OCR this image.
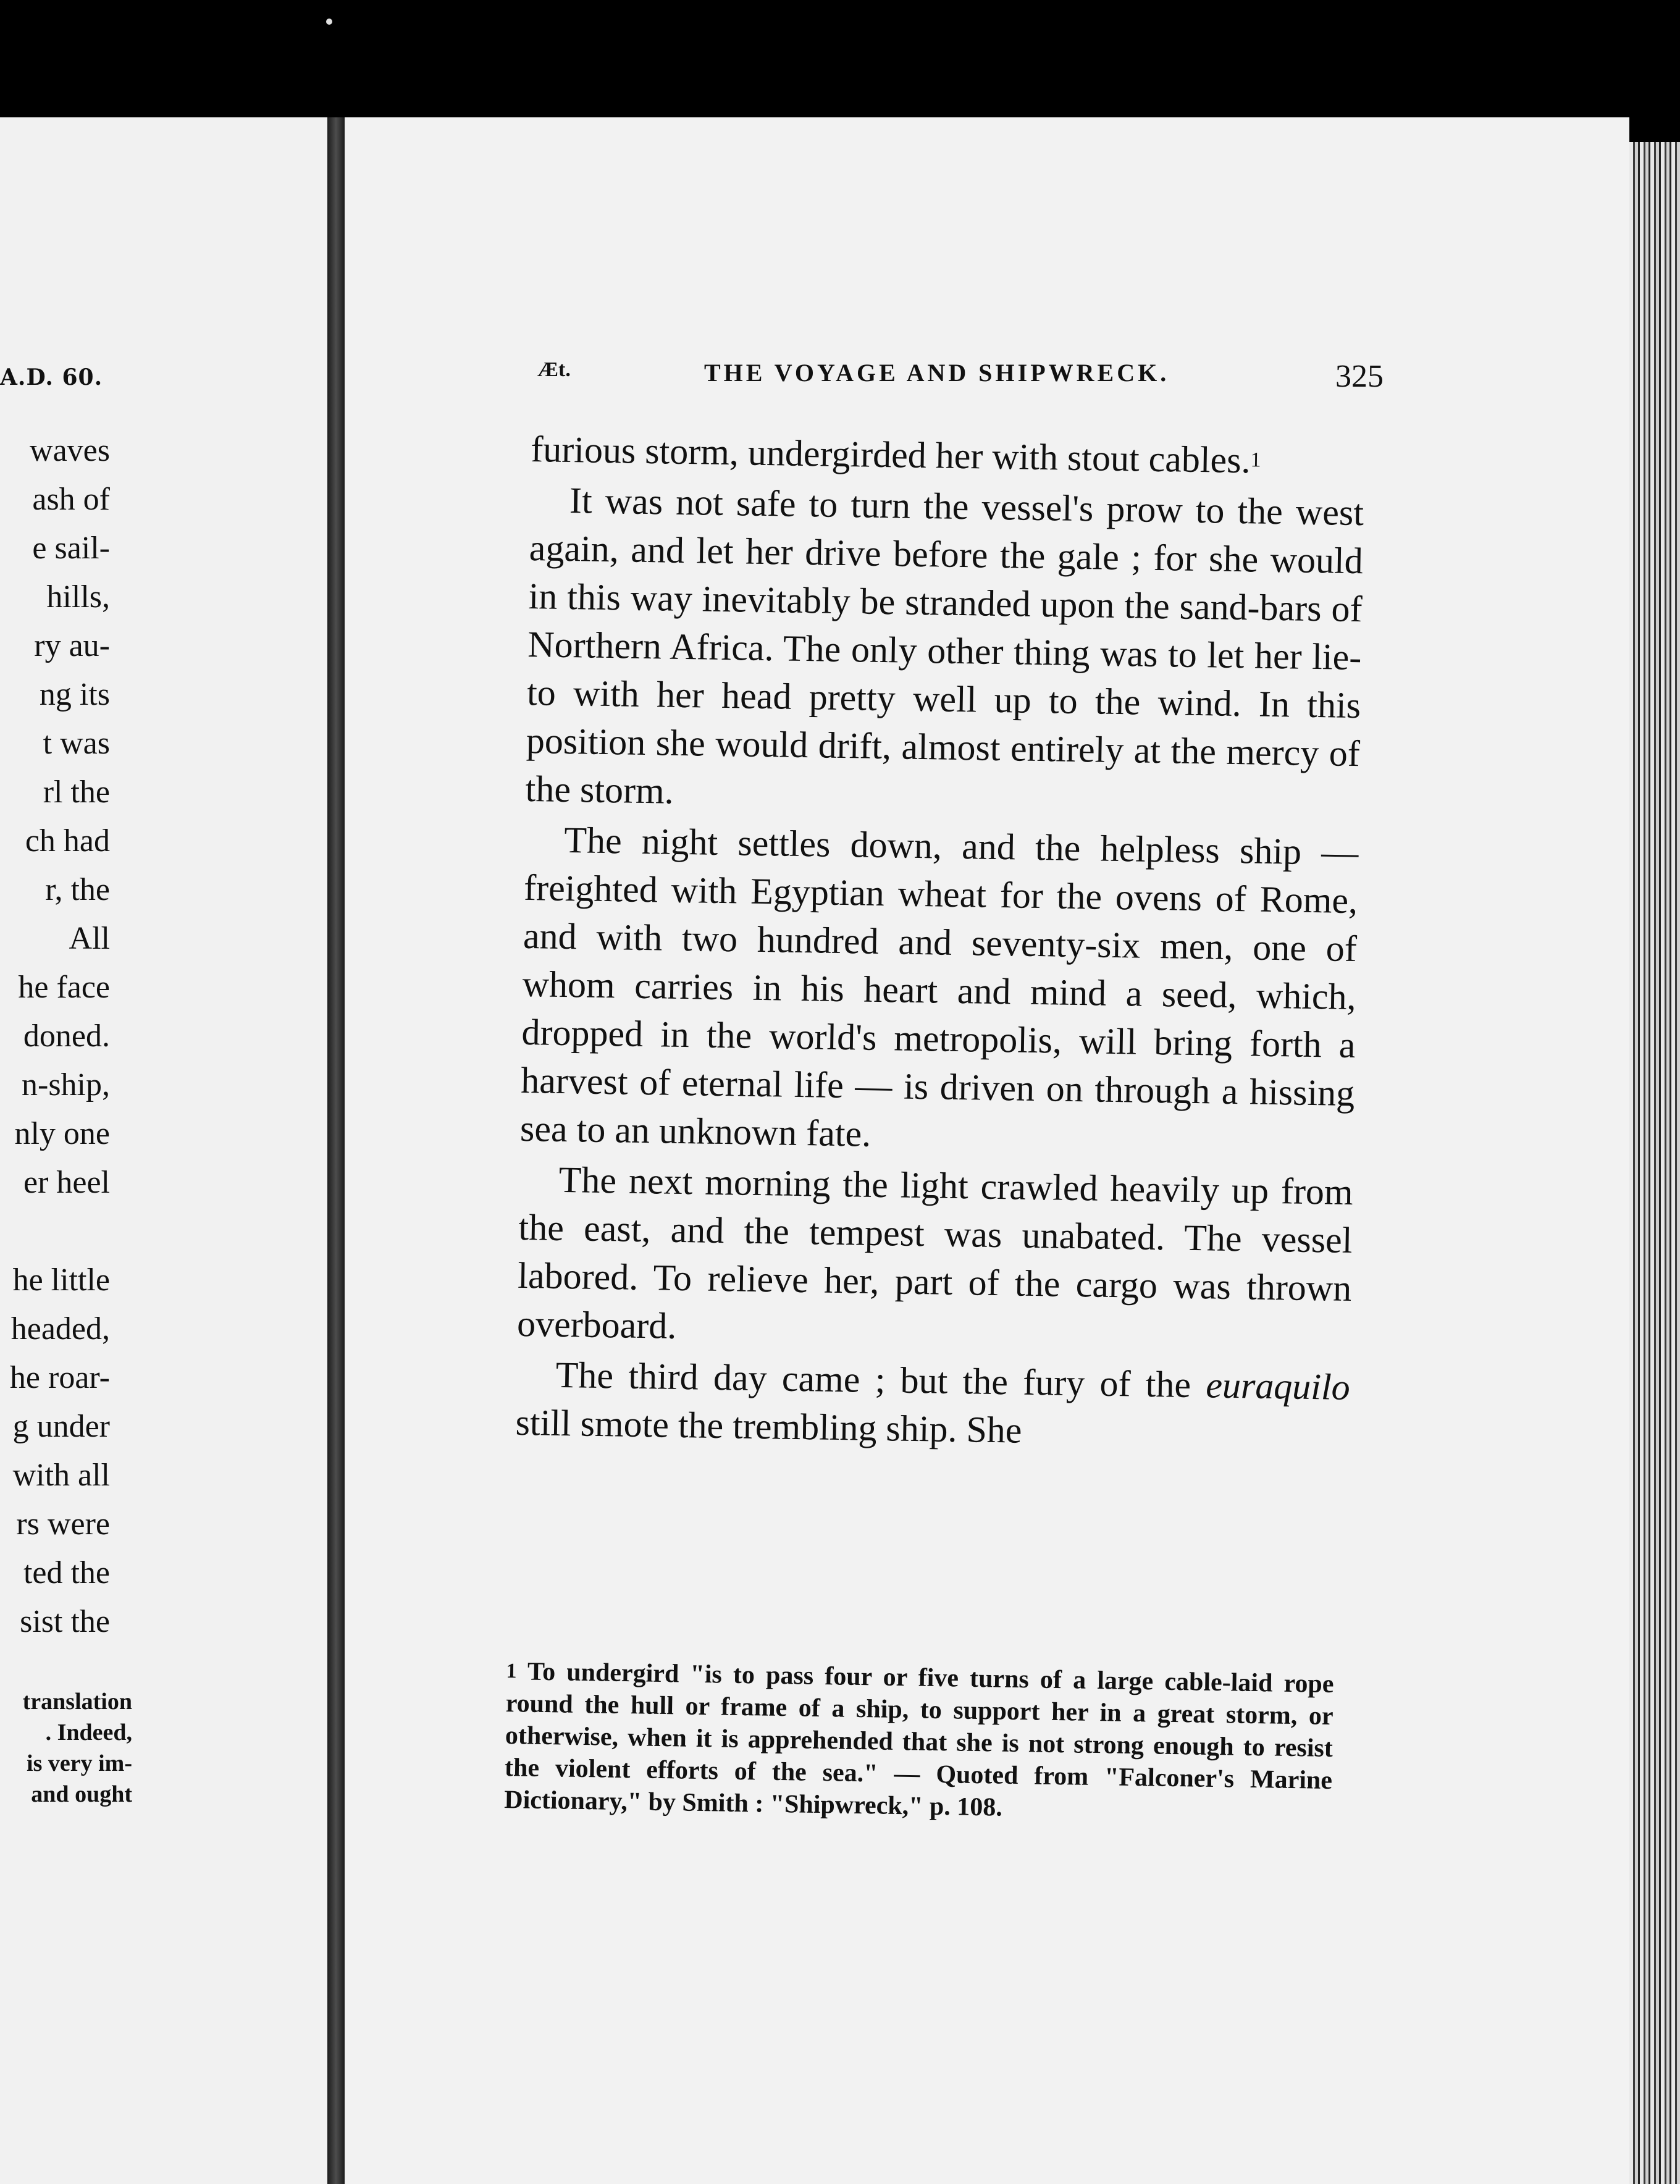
A.D. 60.
waves
ash of
e sail-
hills,
ry au-
ng its
t was
rl the
ch had
r, the
All
he face
doned.
n-ship,
nly one
er heel

he little
headed,
he roar-
g under
with all
rs were
ted the
sist the
translation
. Indeed,
is very im-
and ought
Æt.	THE VOYAGE AND SHIPWRECK.	325

furious storm, undergirded her with stout cables.$^1$

It was not safe to turn the vessel's prow to the west again, and let her drive before the gale ; for she would in this way inevitably be stranded upon the sand-bars of Northern Africa. The only other thing was to let her lie-to with her head pretty well up to the wind. In this position she would drift, almost entirely at the mercy of the storm.

The night settles down, and the helpless ship — freighted with Egyptian wheat for the ovens of Rome, and with two hundred and seventy-six men, one of whom carries in his heart and mind a seed, which, dropped in the world's metropolis, will bring forth a harvest of eternal life — is driven on through a hissing sea to an unknown fate.

The next morning the light crawled heavily up from the east, and the tempest was unabated. The vessel labored. To relieve her, part of the cargo was thrown overboard.

The third day came ; but the fury of the euraquilo still smote the trembling ship. She

$^1$ To undergird "is to pass four or five turns of a large cable-laid rope round the hull or frame of a ship, to support her in a great storm, or otherwise, when it is apprehended that she is not strong enough to resist the violent efforts of the sea." — Quoted from "Falconer's Marine Dictionary," by Smith : "Shipwreck," p. 108.
